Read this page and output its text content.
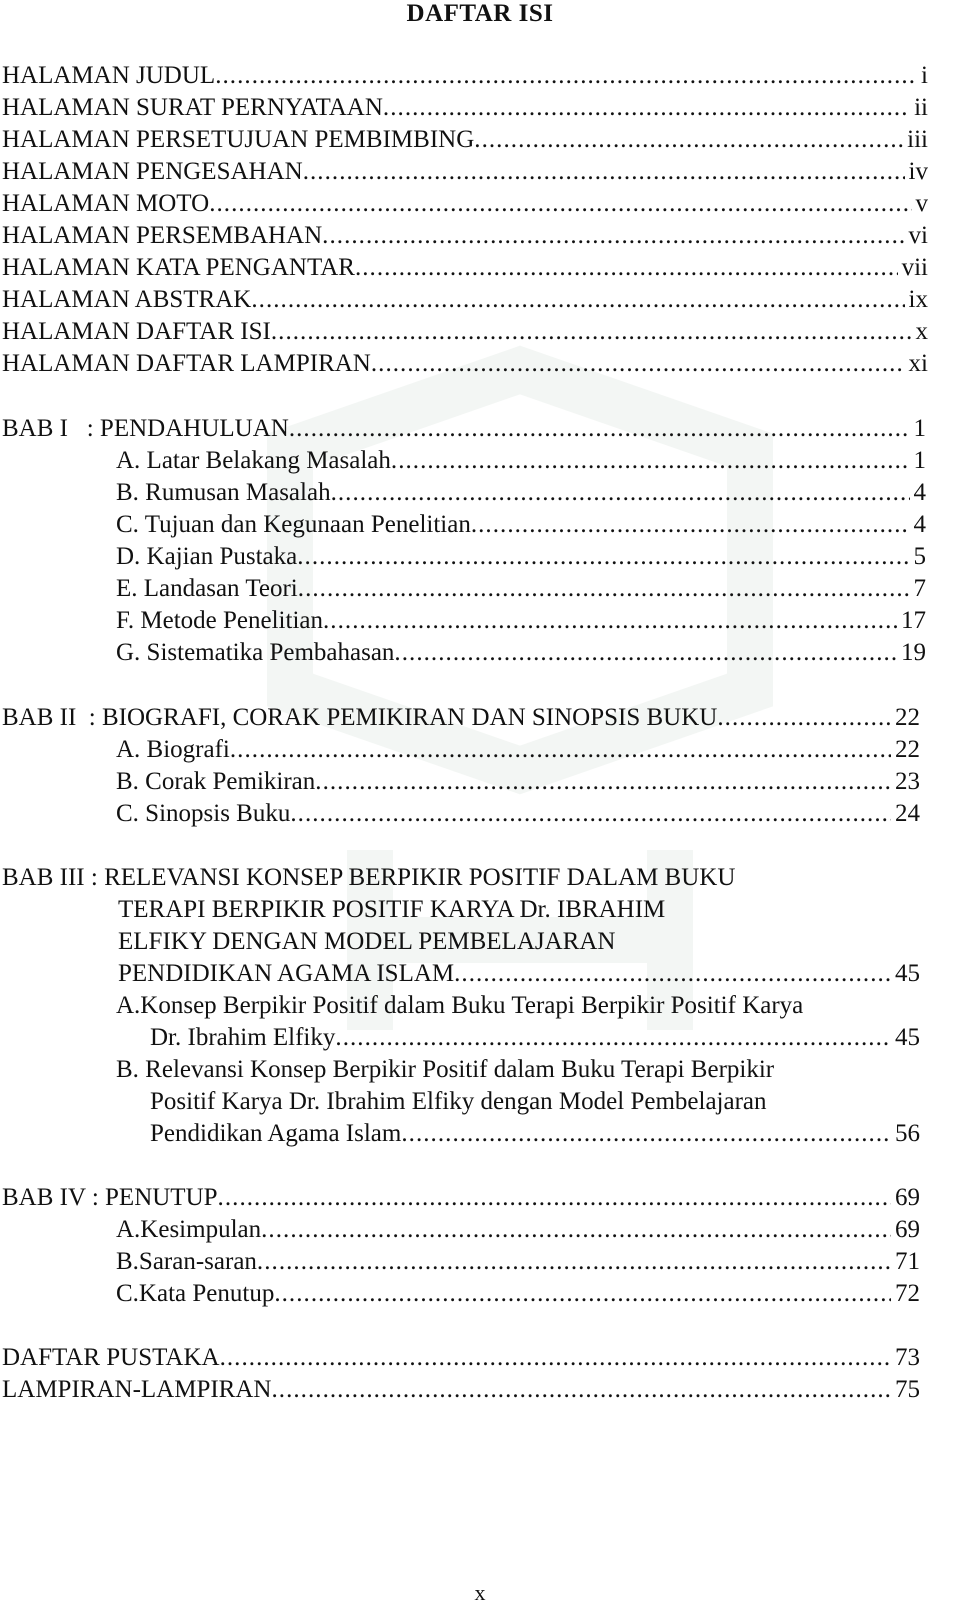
DAFTAR ISI
HALAMAN JUDUL . . .	i
HALAMAN SURAT PERNYATAAN . . .	ii
HALAMAN PERSETUJUAN PEMBIMBING . . .	iii
HALAMAN PENGESAHAN . . .	iv
HALAMAN MOTO . . .	v
HALAMAN PERSEMBAHAN . . .	vi
HALAMAN KATA PENGANTAR . . .	vii
HALAMAN ABSTRAK . . .	ix
HALAMAN DAFTAR ISI . . .	x
HALAMAN DAFTAR LAMPIRAN . . .	xi
BAB I   : PENDAHULUAN . . .	1
A. Latar Belakang Masalah . . .	1
B. Rumusan Masalah . . .	4
C. Tujuan dan Kegunaan Penelitian . . .	4
D. Kajian Pustaka . . .	5
E. Landasan Teori . . .	7
F. Metode Penelitian . . .	17
G. Sistematika Pembahasan . . .	19
BAB II  : BIOGRAFI, CORAK PEMIKIRAN DAN SINOPSIS BUKU . . .	22
A. Biografi . . .	22
B. Corak Pemikiran . . .	23
C. Sinopsis Buku . . .	24
BAB III : RELEVANSI KONSEP BERPIKIR POSITIF DALAM BUKU
TERAPI BERPIKIR POSITIF KARYA Dr. IBRAHIM
ELFIKY DENGAN MODEL PEMBELAJARAN
PENDIDIKAN AGAMA ISLAM . . .	45
A.Konsep Berpikir Positif dalam Buku Terapi Berpikir Positif Karya
Dr. Ibrahim Elfiky . . .	45
B. Relevansi Konsep Berpikir Positif dalam Buku Terapi Berpikir
Positif Karya Dr. Ibrahim Elfiky dengan Model Pembelajaran
Pendidikan Agama Islam . . .	56
BAB IV : PENUTUP . . .	69
A.Kesimpulan . . .	69
B.Saran-saran . . .	71
C.Kata Penutup . . .	72
DAFTAR PUSTAKA . . .	73
LAMPIRAN-LAMPIRAN . . .	75
x
